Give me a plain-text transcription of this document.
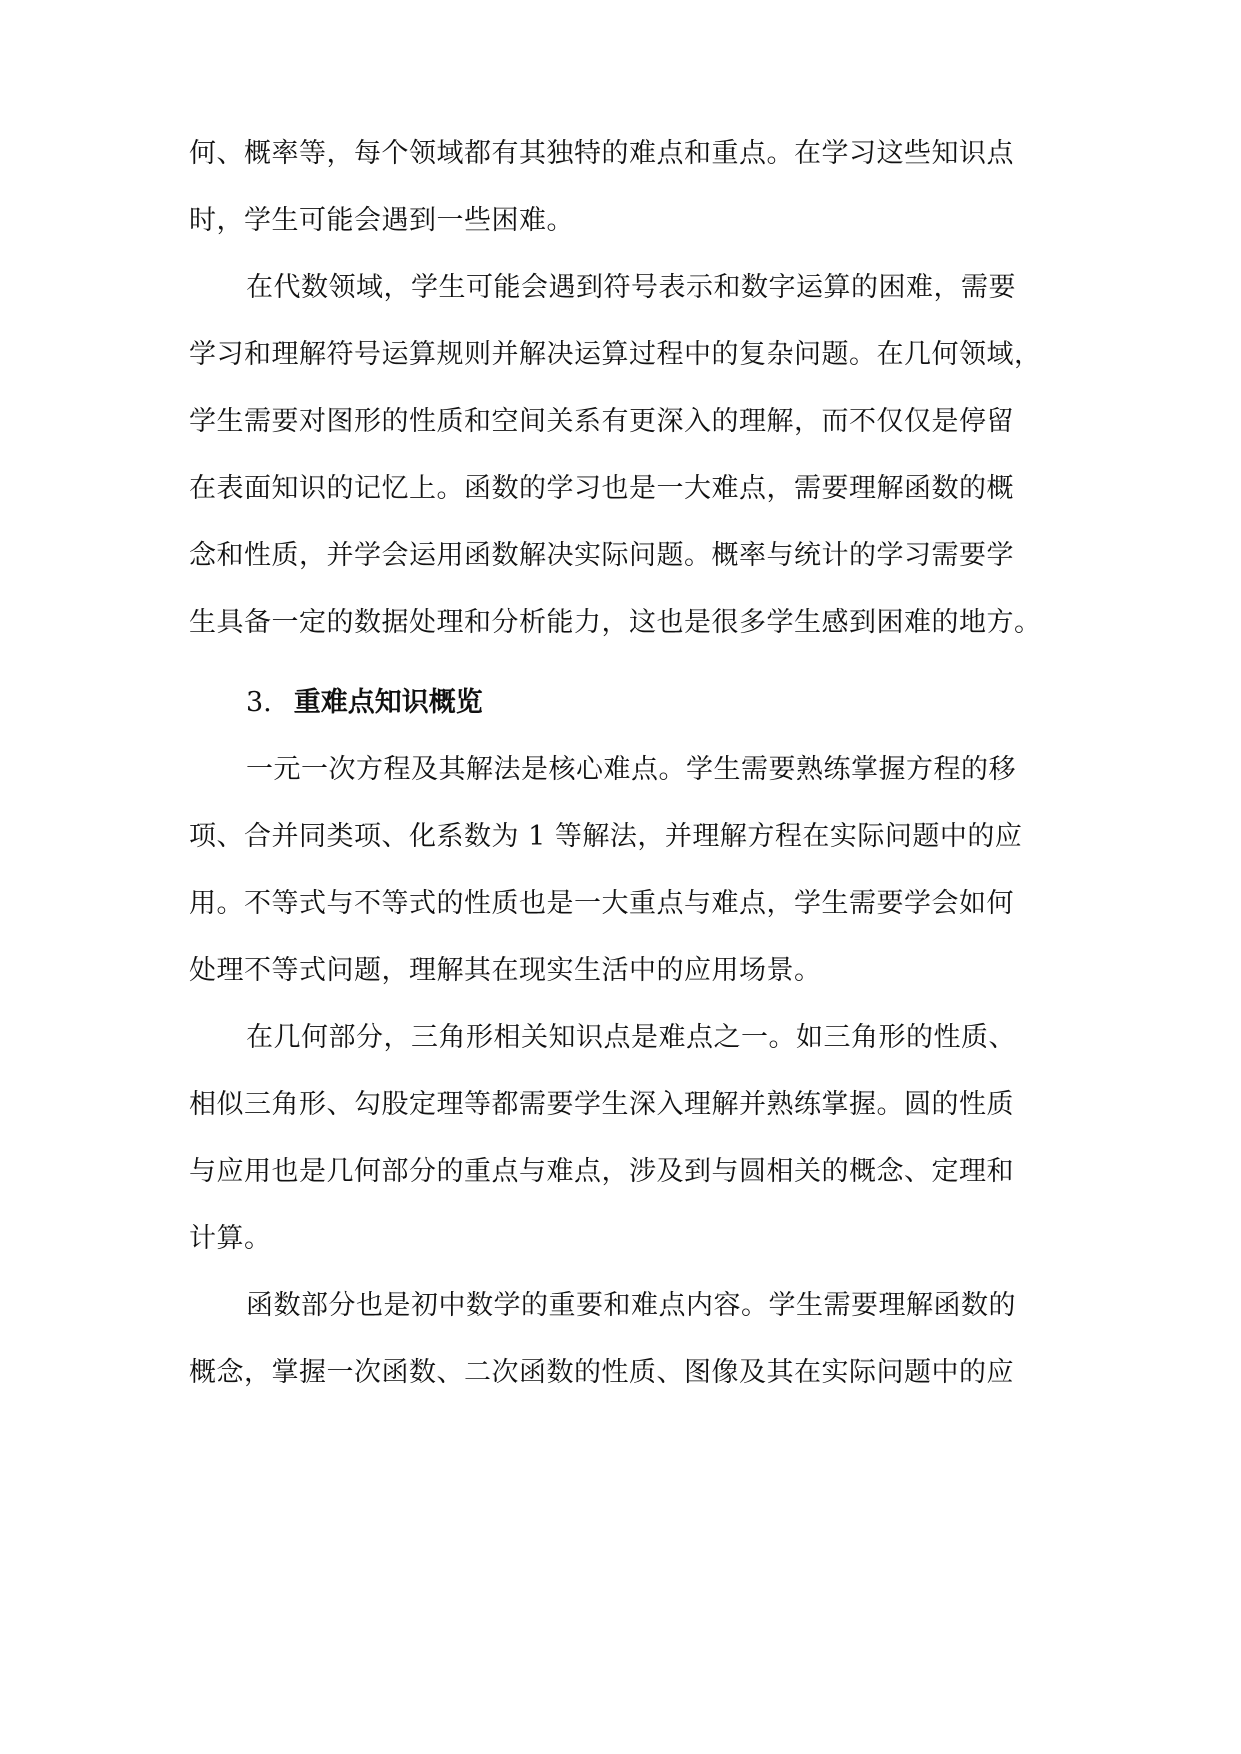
何、概率等，每个领域都有其独特的难点和重点。在学习这些知识点
时，学生可能会遇到一些困难。
在代数领域，学生可能会遇到符号表示和数字运算的困难，需要
学习和理解符号运算规则并解决运算过程中的复杂问题。在几何领域，
学生需要对图形的性质和空间关系有更深入的理解，而不仅仅是停留
在表面知识的记忆上。函数的学习也是一大难点，需要理解函数的概
念和性质，并学会运用函数解决实际问题。概率与统计的学习需要学
生具备一定的数据处理和分析能力，这也是很多学生感到困难的地方。
3. 重难点知识概览
一元一次方程及其解法是核心难点。学生需要熟练掌握方程的移
项、合并同类项、化系数为 1 等解法，并理解方程在实际问题中的应
用。不等式与不等式的性质也是一大重点与难点，学生需要学会如何
处理不等式问题，理解其在现实生活中的应用场景。
在几何部分，三角形相关知识点是难点之一。如三角形的性质、
相似三角形、勾股定理等都需要学生深入理解并熟练掌握。圆的性质
与应用也是几何部分的重点与难点，涉及到与圆相关的概念、定理和
计算。
函数部分也是初中数学的重要和难点内容。学生需要理解函数的
概念，掌握一次函数、二次函数的性质、图像及其在实际问题中的应
